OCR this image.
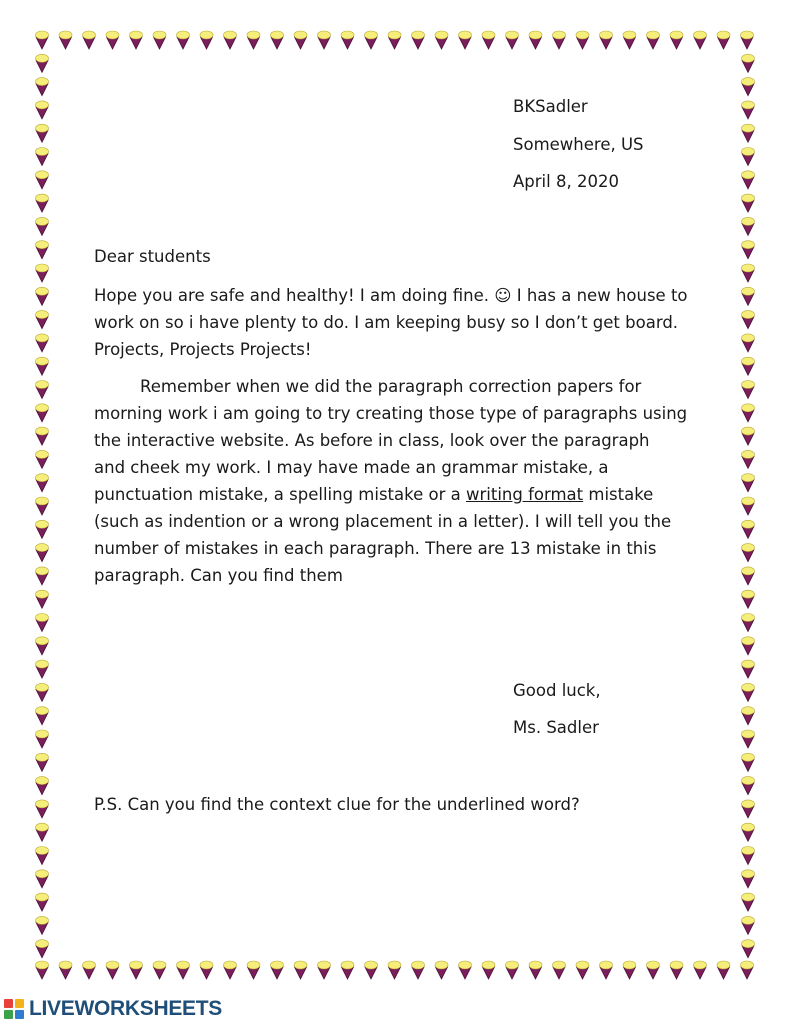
BKSadler
Somewhere, US
April 8, 2020
Dear students
Hope you are safe and healthy! I am doing fine. ☺ I has a new house to
work on so i have plenty to do. I am keeping busy so I don’t get board.
Projects, Projects Projects!
Remember when we did the paragraph correction papers for
morning work i am going to try creating those type of paragraphs using
the interactive website. As before in class, look over the paragraph
and cheek my work. I may have made an grammar mistake, a
punctuation mistake, a spelling mistake or a writing format mistake
(such as indention or a wrong placement in a letter). I will tell you the
number of mistakes in each paragraph. There are 13 mistake in this
paragraph. Can you find them
Good luck,
Ms. Sadler
P.S. Can you find the context clue for the underlined word?
LIVEWORKSHEETS
